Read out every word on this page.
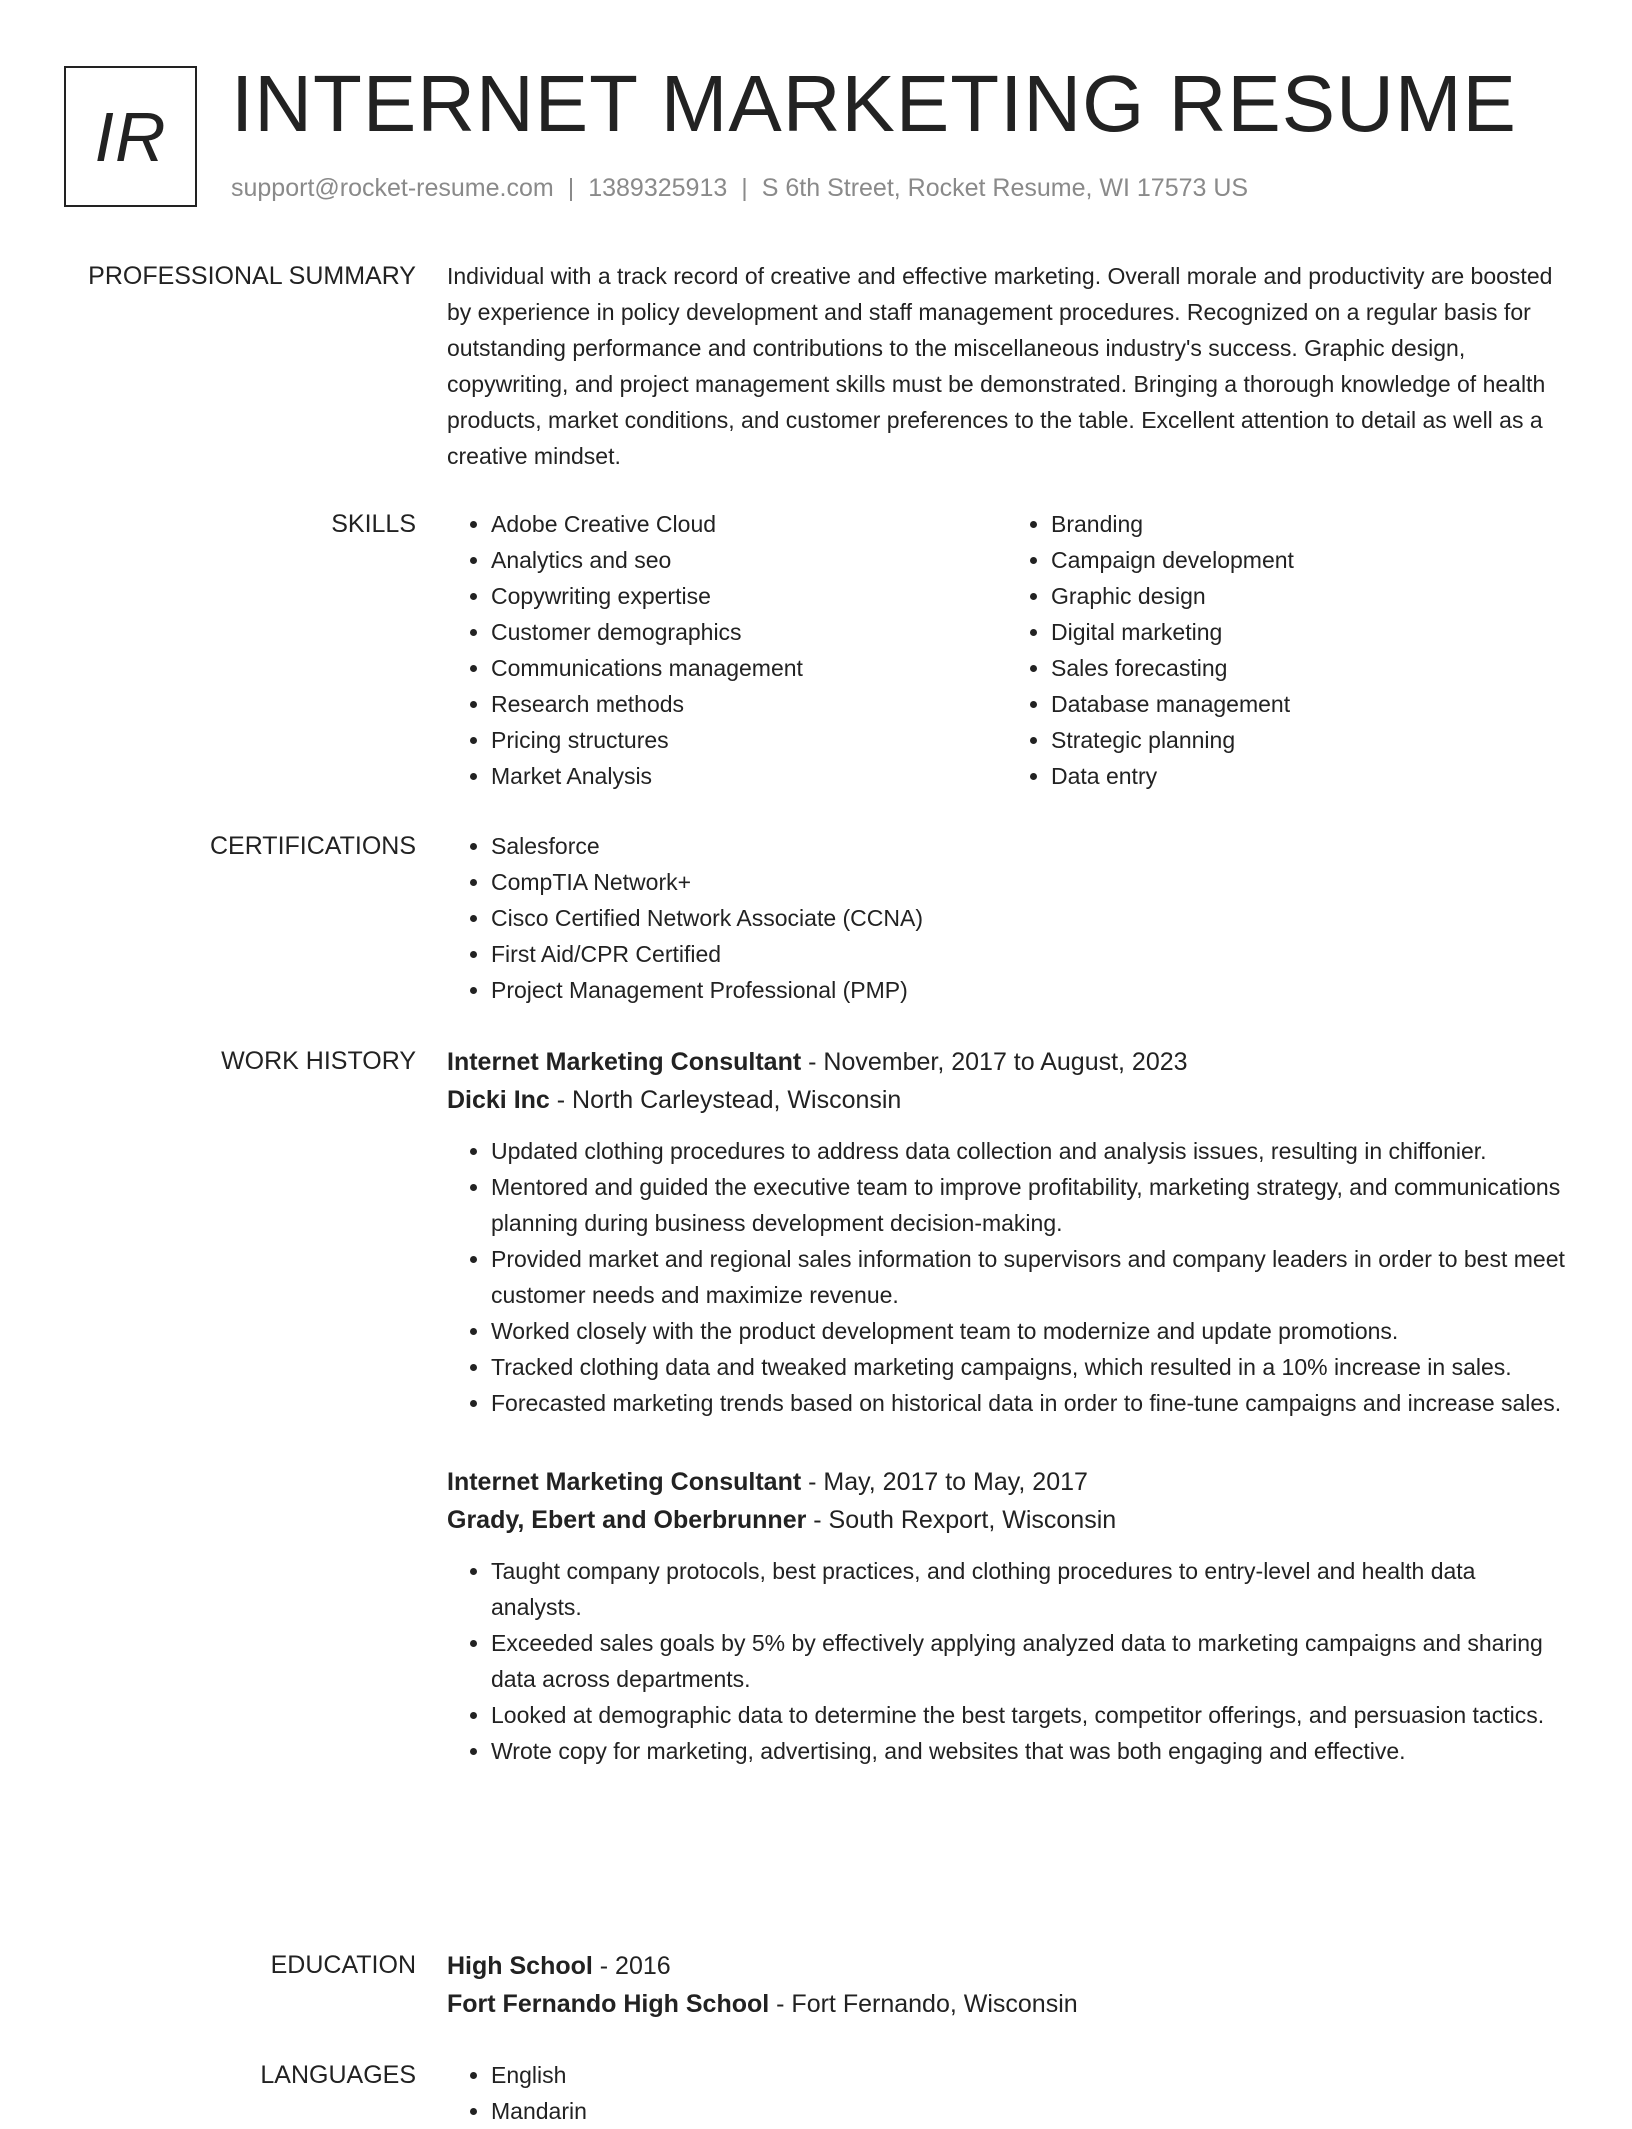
IR INTERNET MARKETING RESUME
support@rocket-resume.com | 1389325913 | S 6th Street, Rocket Resume, WI 17573 US
PROFESSIONAL SUMMARY Individual with a track record of creative and effective marketing. Overall morale and productivity are boosted by experience in policy development and staff management procedures. Recognized on a regular basis for outstanding performance and contributions to the miscellaneous industry's success. Graphic design, copywriting, and project management skills must be demonstrated. Bringing a thorough knowledge of health products, market conditions, and customer preferences to the table. Excellent attention to detail as well as a creative mindset.

SKILLS	• Adobe Creative Cloud
• Analytics and seo
• Copywriting expertise
• Customer demographics
• Communications management
• Research methods
• Pricing structures
• Market Analysis
• Branding
• Campaign development
• Graphic design
• Digital marketing
• Sales forecasting
• Database management
• Strategic planning
• Data entry
CERTIFICATIONS	• Salesforce
• CompTIA Network+
• Cisco Certified Network Associate (CCNA)
• First Aid/CPR Certified
• Project Management Professional (PMP)
WORK HISTORY Internet Marketing Consultant - November, 2017 to August, 2023
Dicki Inc - North Carleystead, Wisconsin
• Updated clothing procedures to address data collection and analysis issues, resulting in chiffonier.
• Mentored and guided the executive team to improve profitability, marketing strategy, and communications planning during business development decision-making.
• Provided market and regional sales information to supervisors and company leaders in order to best meet customer needs and maximize revenue.
• Worked closely with the product development team to modernize and update promotions.
• Tracked clothing data and tweaked marketing campaigns, which resulted in a 10% increase in sales.
• Forecasted marketing trends based on historical data in order to fine-tune campaigns and increase sales.
Internet Marketing Consultant - May, 2017 to May, 2017
Grady, Ebert and Oberbrunner - South Rexport, Wisconsin
• Taught company protocols, best practices, and clothing procedures to entry-level and health data analysts.
• Exceeded sales goals by 5% by effectively applying analyzed data to marketing campaigns and sharing data across departments.
• Looked at demographic data to determine the best targets, competitor offerings, and persuasion tactics.
• Wrote copy for marketing, advertising, and websites that was both engaging and effective.
EDUCATION High School - 2016
Fort Fernando High School - Fort Fernando, Wisconsin
LANGUAGES	• English
• Mandarin
